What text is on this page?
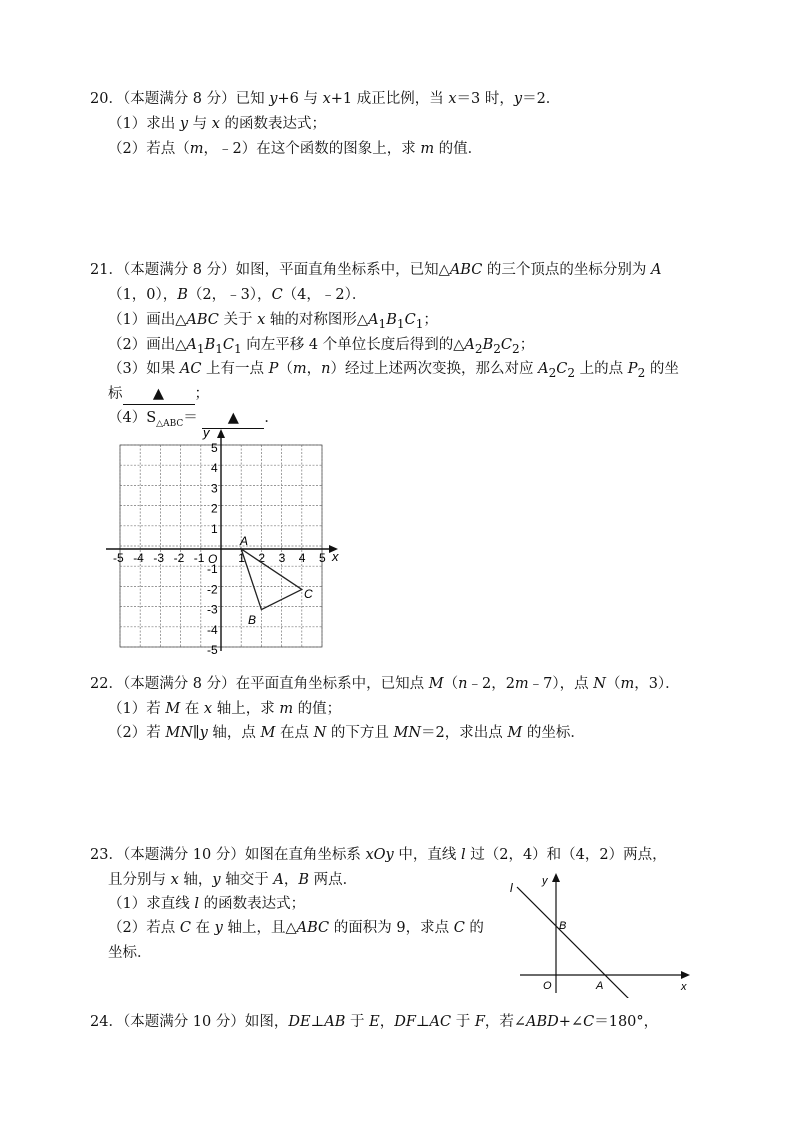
20．（本题满分 8 分）已知 y+6 与 x+1 成正比例，当 x＝3 时，y＝2．
（1）求出 y 与 x 的函数表达式；
（2）若点（m，﹣2）在这个函数的图象上，求 m 的值．
21．（本题满分 8 分）如图，平面直角坐标系中，已知△ABC 的三个顶点的坐标分别为 A
（1，0），B（2，﹣3），C（4，﹣2）．
（1）画出△ABC 关于 x 轴的对称图形$\triangle A_1B_1C_1$；
（2）画出$\triangle A_1B_1C_1$ 向左平移 4 个单位长度后得到的$\triangle A_2B_2C_2$；
（3）如果 AC 上有一点 P（m，n）经过上述两次变换，那么对应 $A_2C_2$ 上的点 $P_2$ 的坐
标 ▲ ；
$(4)S_{\triangle ABC}=$ ▲ ．
x
y
O
-5 -4 -3 -2 -1	1 2 3 4 5
5
4
3
2
1
-1
-2
-3
-4
-5
A
B
C
22．（本题满分 8 分）在平面直角坐标系中，已知点 M（n﹣2，2m﹣7），点 N（m，3）．
（1）若 M 在 x 轴上，求 m 的值；
（2）若 MN∥y 轴，点 M 在点 N 的下方且 MN＝2，求出点 M 的坐标．
23．（本题满分 10 分）如图在直角坐标系 xOy 中，直线 l 过（2，4）和（4，2）两点，
且分别与 x 轴，y 轴交于 A，B 两点．
（1）求直线 l 的函数表达式；
（2）若点 C 在 y 轴上，且△ABC 的面积为 9，求点 C 的
坐标．
l	y
x
O	A
B
24．（本题满分 10 分）如图，DE⊥AB 于 E，DF⊥AC 于 F，若∠ABD+∠C＝180°，
